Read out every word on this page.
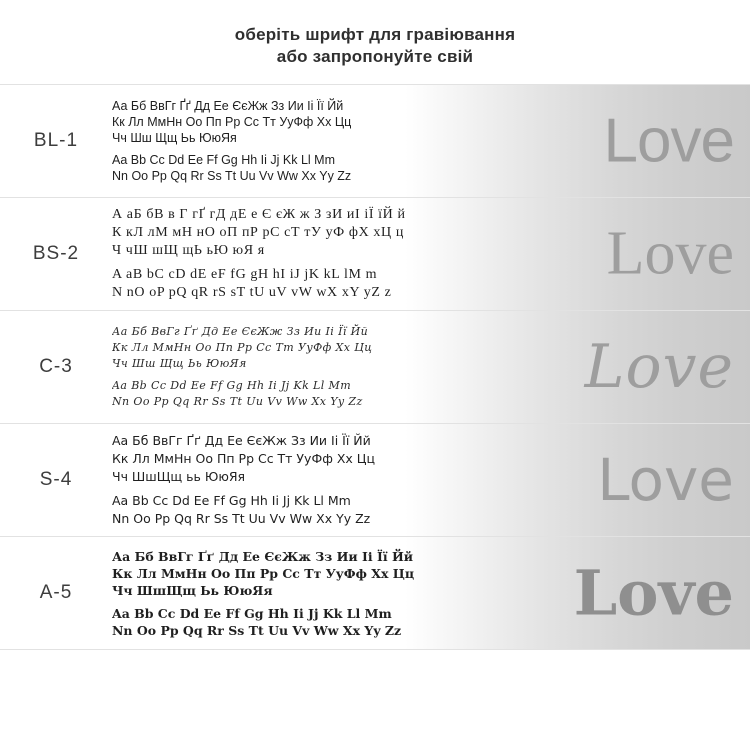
оберіть шрифт для гравіювання
або запропонуйте свій
BL-1
Аа Бб ВвГг Ґґ Дд Ее ЄєЖж Зз Ии Іі Її Йй
Кк Лл МмНн Оо Пп Рр Сс Тт УуФф Хх Цц
Чч Шш Щщ Ьь ЮюЯя
Aa Bb Cc Dd Ee Ff Gg Hh Ii Jj Kk Ll Mm
Nn Oo Pp Qq Rr Ss Tt Uu Vv Ww Xx Yy Zz
Love
BS-2
А аБ бВ в Г гҐ гД дЕ е Є єЖ ж З зИ иІ іЇ їЙ й
К кЛ лМ мН нО оП пР рС сТ тУ уФ фХ хЦ ц
Ч чШ шЩ щЬ ьЮ юЯ я
A aB bC cD dE eF fG gH hI iJ jK kL lM m
N nO oP pQ qR rS sT tU uV vW wX xY yZ z
Love
C-3
Аа Бб ВвГг Ґґ Дд Ее ЄєЖж Зз Ии Іі Її Йй
Кк Лл МмНн Оо Пп Рр Сс Тт УуФф Хх Цц
Чч Шш Щщ Ьь ЮюЯя
Aa Bb Cc Dd Ee Ff Gg Hh Ii Jj Kk Ll Mm
Nn Oo Pp Qq Rr Ss Tt Uu Vv Ww Xx Yy Zz	Love
S-4
Аа Бб ВвГг Ґґ Дд Ее ЄєЖж Зз Ии Іі Її Йй
Кк Лл МмНн Оо Пп Рр Сс Тт УуФф Хх Цц
Чч ШшЩщ ьь ЮюЯя
Aa Bb Cc Dd Ee Ff Gg Hh Ii Jj Kk Ll Mm
Nn Oo Pp Qq Rr Ss Tt Uu Vv Ww Xx Yy Zz
Love
A-5
Аа Бб ВвГг Ґґ Дд Ее ЄєЖж Зз Ии Іі Її Йй
Кк Лл МмНн Оо Пп Рр Сс Тт УуФф Хх Цц
Чч ШшЩщ Ьь ЮюЯя
Aa Bb Cc Dd Ee Ff Gg Hh Ii Jj Kk Ll Mm
Nn Oo Pp Qq Rr Ss Tt Uu Vv Ww Xx Yy Zz
Love
